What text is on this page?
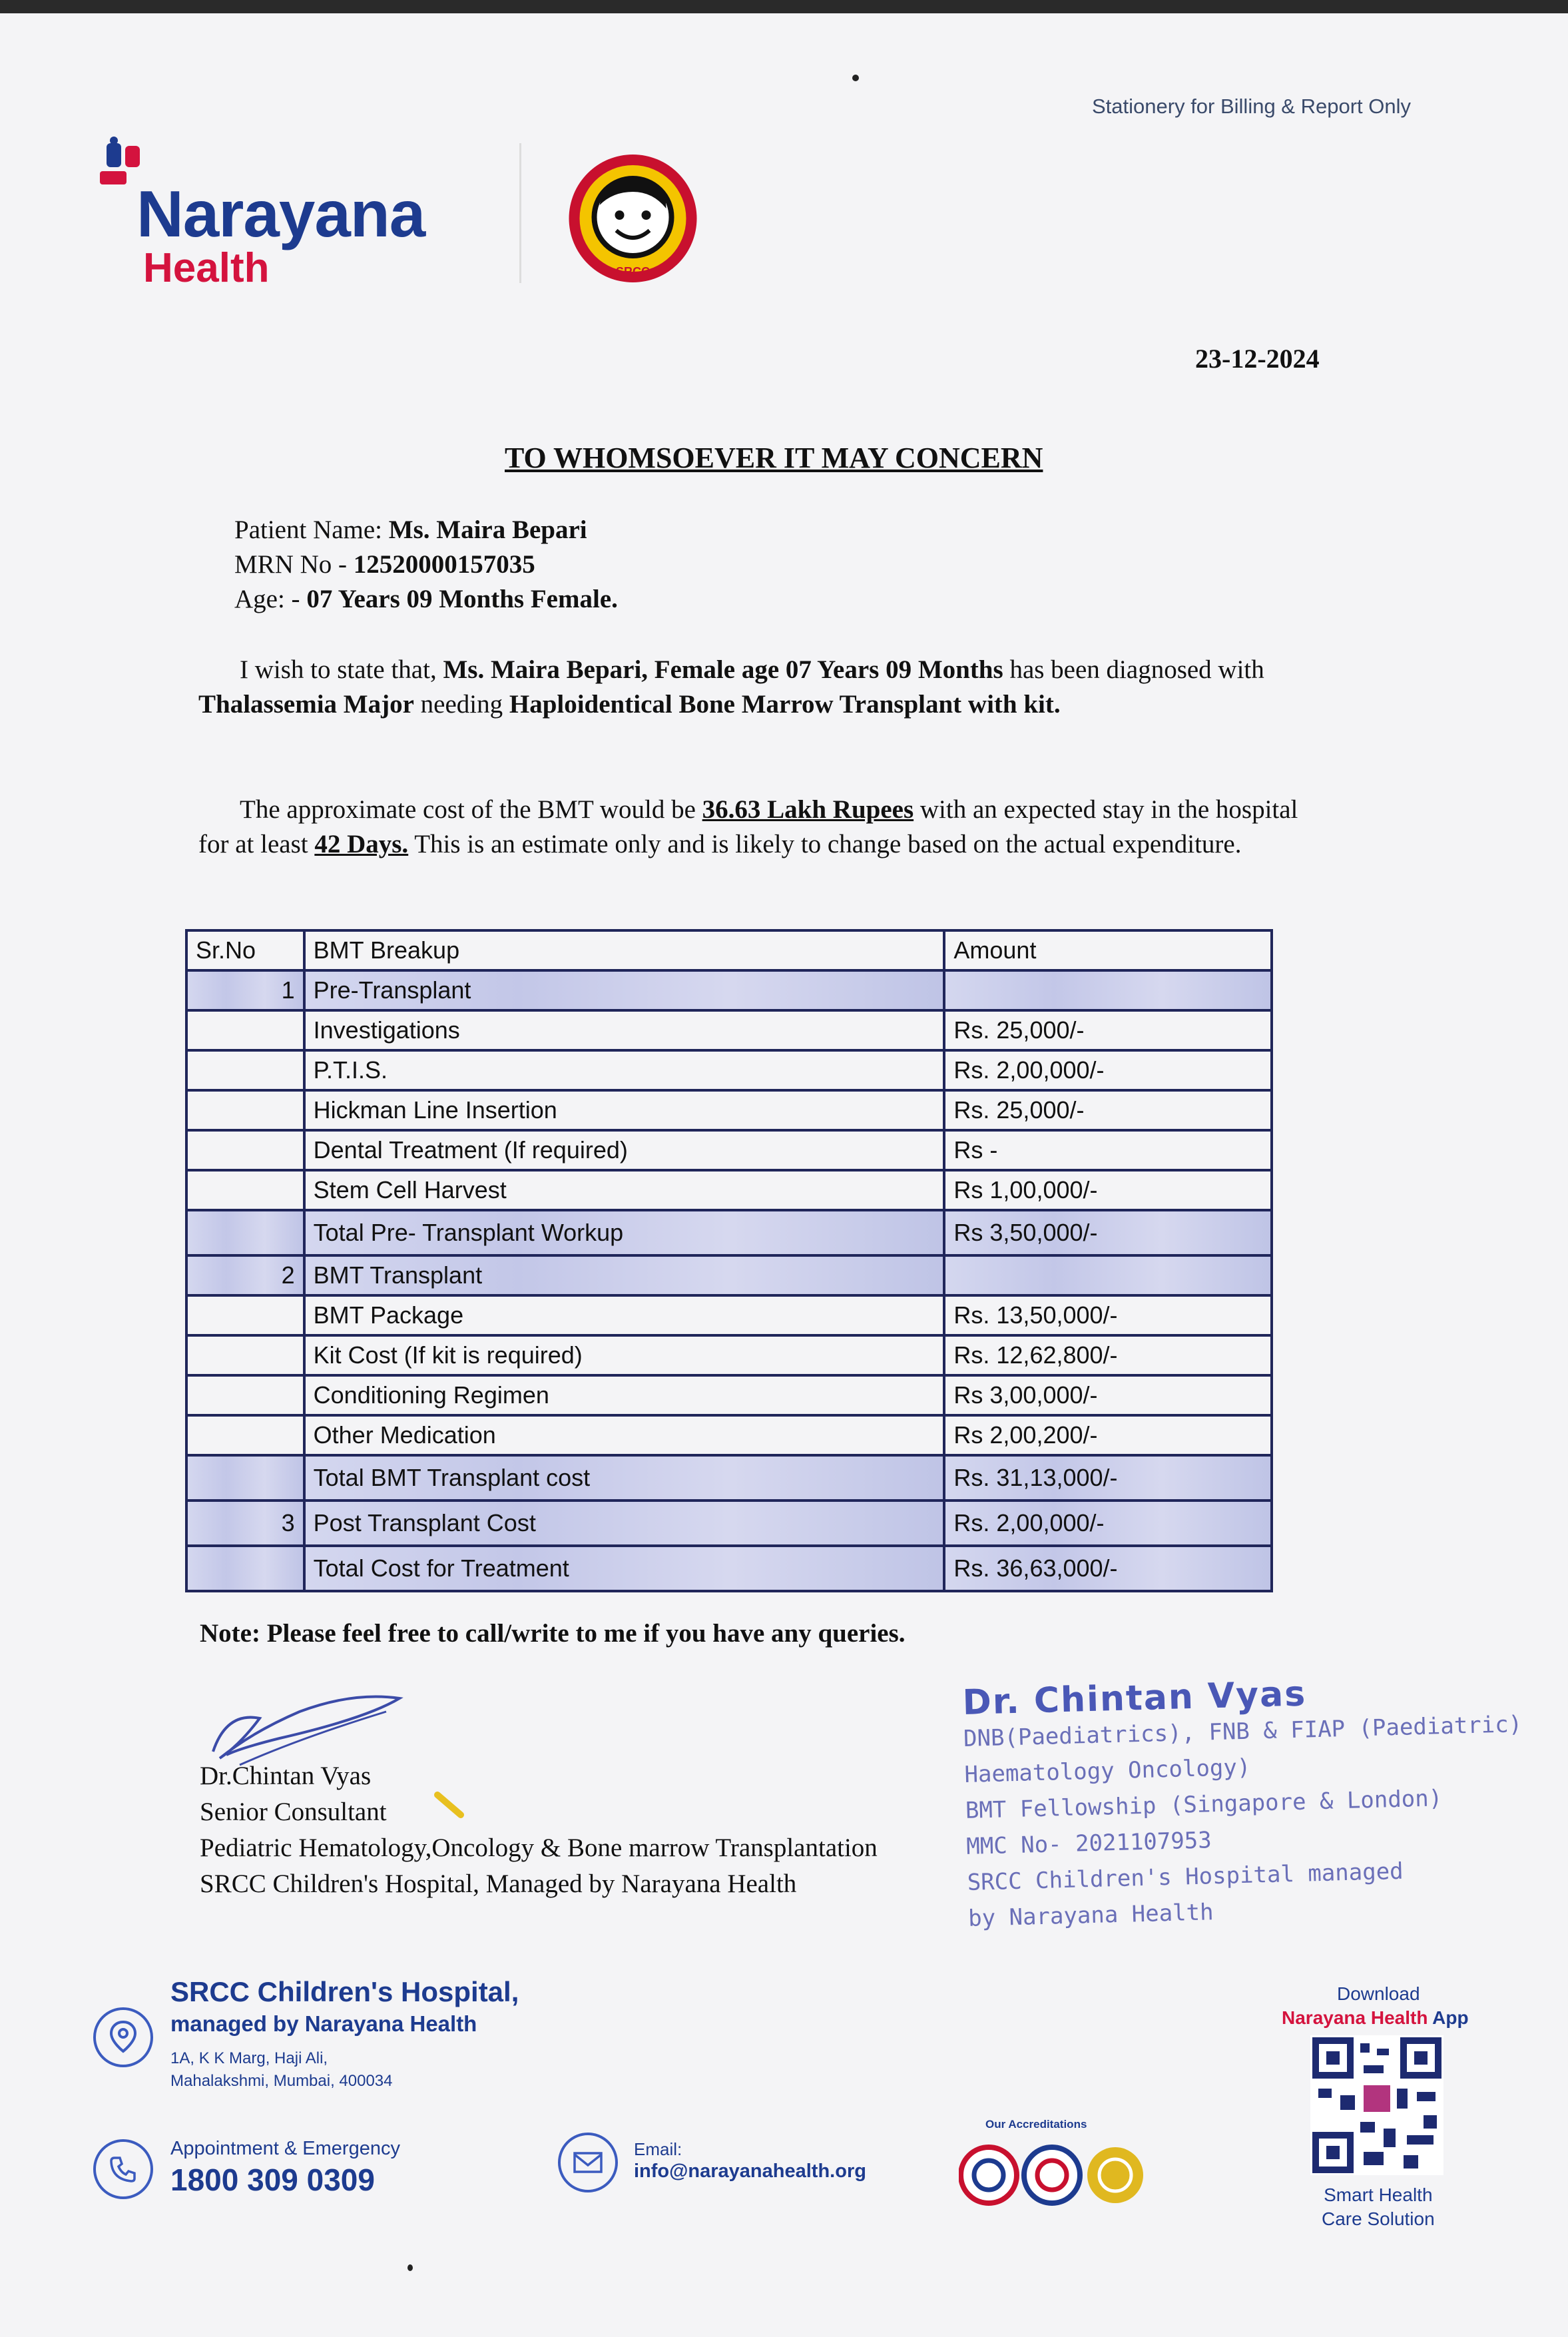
Stationery for Billing & Report Only
Narayana
Health	SRCC
23-12-2024
TO WHOMSOEVER IT MAY CONCERN
Patient Name: Ms. Maira Bepari
MRN No - 12520000157035
Age: - 07 Years 09 Months Female.
I wish to state that, Ms. Maira Bepari, Female age 07 Years 09 Months has been diagnosed with Thalassemia Major needing Haploidentical Bone Marrow Transplant with kit.
The approximate cost of the BMT would be 36.63 Lakh Rupees with an expected stay in the hospital for at least 42 Days. This is an estimate only and is likely to change based on the actual expenditure.
Sr.No	BMT Breakup	Amount
1	Pre-Transplant	
	Investigations	Rs. 25,000/-
	P.T.I.S.	Rs. 2,00,000/-
	Hickman Line Insertion	Rs. 25,000/-
	Dental Treatment (If required)	Rs -
	Stem Cell Harvest	Rs 1,00,000/-
	Total Pre- Transplant Workup	Rs 3,50,000/-
2	BMT Transplant	
	BMT Package	Rs. 13,50,000/-
	Kit Cost (If kit is required)	Rs. 12,62,800/-
	Conditioning Regimen	Rs 3,00,000/-
	Other Medication	Rs 2,00,200/-
	Total BMT Transplant cost	Rs. 31,13,000/-
3	Post Transplant Cost	Rs. 2,00,000/-
	Total Cost for Treatment	Rs. 36,63,000/-
Note: Please feel free to call/write to me if you have any queries.
Dr.Chintan Vyas
Senior Consultant
Pediatric Hematology,Oncology & Bone marrow Transplantation
SRCC Children's Hospital, Managed by Narayana Health
Dr. Chintan Vyas
DNB(Paediatrics), FNB & FIAP (Paediatric)
Haematology Oncology)
BMT Fellowship (Singapore & London)
MMC No- 2021107953
SRCC Children's Hospital managed
by Narayana Health
SRCC Children's Hospital,
managed by Narayana Health
1A, K K Marg, Haji Ali,
Mahalakshmi, Mumbai, 400034
Appointment & Emergency
1800 309 0309
Email:
info@narayanahealth.org
Our Accreditations
Download
Narayana Health App
Smart Health
Care Solution
